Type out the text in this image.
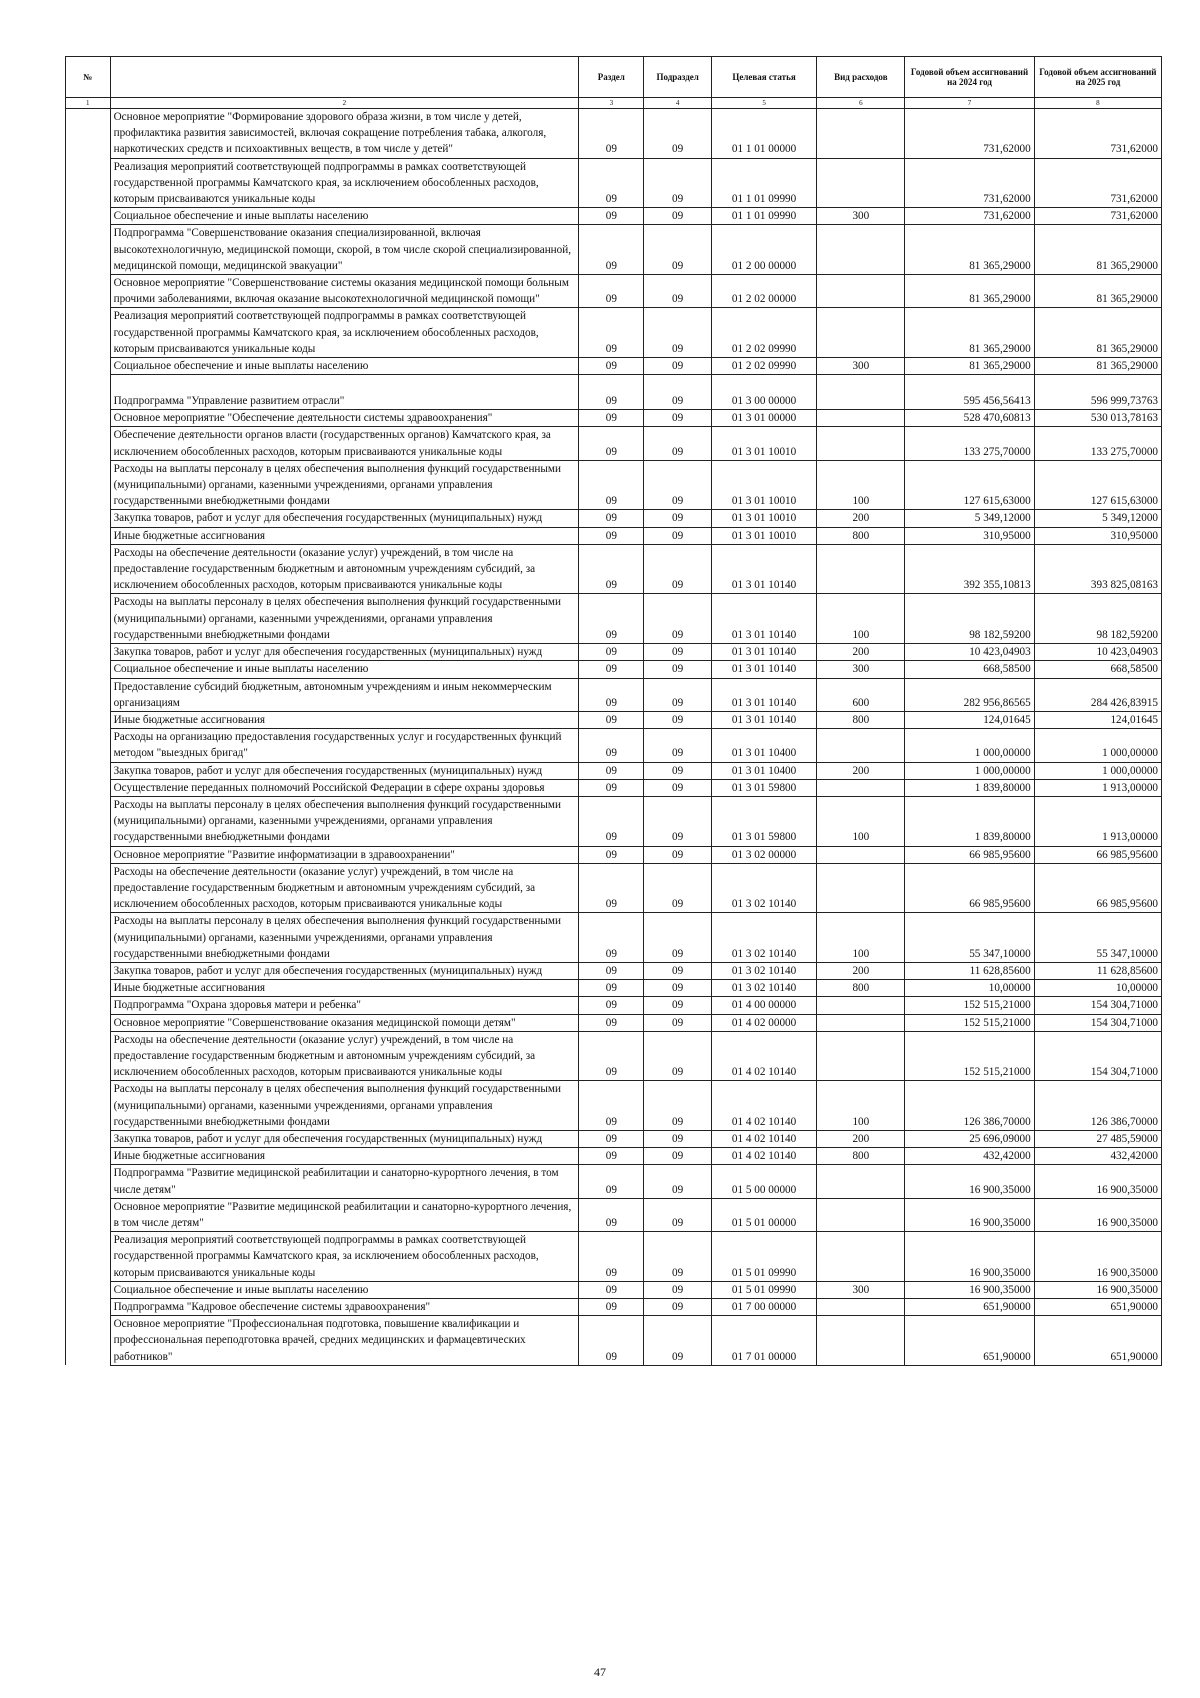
№		Раздел	Подраздел	Целевая статья	Вид расходов	Годовой объем ассигнований на 2024 год	Годовой объем ассигнований на 2025 год
1	2	3	4	5	6	7	8
	Основное мероприятие "Формирование здорового образа жизни, в том числе у детей, профилактика развития зависимостей, включая сокращение потребления табака, алкоголя, наркотических средств и психоактивных веществ, в том числе у детей"	09	09	01 1 01 00000		731,62000	731,62000
	Реализация мероприятий соответствующей подпрограммы в рамках соответствующей государственной программы Камчатского края, за исключением обособленных расходов, которым присваиваются уникальные коды	09	09	01 1 01 09990		731,62000	731,62000
	Социальное обеспечение и иные выплаты населению	09	09	01 1 01 09990	300	731,62000	731,62000
	Подпрограмма "Совершенствование оказания специализированной, включая высокотехнологичную, медицинской помощи, скорой, в том числе скорой специализированной, медицинской помощи, медицинской эвакуации"	09	09	01 2 00 00000		81 365,29000	81 365,29000
	Основное мероприятие "Совершенствование системы оказания медицинской помощи больным прочими заболеваниями, включая оказание высокотехнологичной медицинской помощи"	09	09	01 2 02 00000		81 365,29000	81 365,29000
	Реализация мероприятий соответствующей подпрограммы в рамках соответствующей государственной программы Камчатского края, за исключением обособленных расходов, которым присваиваются уникальные коды	09	09	01 2 02 09990		81 365,29000	81 365,29000
	Социальное обеспечение и иные выплаты населению	09	09	01 2 02 09990	300	81 365,29000	81 365,29000
	Подпрограмма "Управление развитием отрасли"	09	09	01 3 00 00000		595 456,56413	596 999,73763
	Основное мероприятие "Обеспечение деятельности системы здравоохранения"	09	09	01 3 01 00000		528 470,60813	530 013,78163
	Обеспечение деятельности органов власти (государственных органов) Камчатского края, за исключением обособленных расходов, которым присваиваются уникальные коды	09	09	01 3 01 10010		133 275,70000	133 275,70000
	Расходы на выплаты персоналу в целях обеспечения выполнения функций государственными (муниципальными) органами, казенными учреждениями, органами управления государственными внебюджетными фондами	09	09	01 3 01 10010	100	127 615,63000	127 615,63000
	Закупка товаров, работ и услуг для обеспечения государственных (муниципальных) нужд	09	09	01 3 01 10010	200	5 349,12000	5 349,12000
	Иные бюджетные ассигнования	09	09	01 3 01 10010	800	310,95000	310,95000
	Расходы на обеспечение деятельности (оказание услуг) учреждений, в том числе на предоставление государственным бюджетным и автономным учреждениям субсидий, за исключением обособленных расходов, которым присваиваются уникальные коды	09	09	01 3 01 10140		392 355,10813	393 825,08163
	Расходы на выплаты персоналу в целях обеспечения выполнения функций государственными (муниципальными) органами, казенными учреждениями, органами управления государственными внебюджетными фондами	09	09	01 3 01 10140	100	98 182,59200	98 182,59200
	Закупка товаров, работ и услуг для обеспечения государственных (муниципальных) нужд	09	09	01 3 01 10140	200	10 423,04903	10 423,04903
	Социальное обеспечение и иные выплаты населению	09	09	01 3 01 10140	300	668,58500	668,58500
	Предоставление субсидий бюджетным, автономным учреждениям и иным некоммерческим организациям	09	09	01 3 01 10140	600	282 956,86565	284 426,83915
	Иные бюджетные ассигнования	09	09	01 3 01 10140	800	124,01645	124,01645
	Расходы на организацию предоставления государственных услуг и государственных функций методом "выездных бригад"	09	09	01 3 01 10400		1 000,00000	1 000,00000
	Закупка товаров, работ и услуг для обеспечения государственных (муниципальных) нужд	09	09	01 3 01 10400	200	1 000,00000	1 000,00000
	Осуществление переданных полномочий Российской Федерации в сфере охраны здоровья	09	09	01 3 01 59800		1 839,80000	1 913,00000
	Расходы на выплаты персоналу в целях обеспечения выполнения функций государственными (муниципальными) органами, казенными учреждениями, органами управления государственными внебюджетными фондами	09	09	01 3 01 59800	100	1 839,80000	1 913,00000
	Основное мероприятие "Развитие информатизации в здравоохранении"	09	09	01 3 02 00000		66 985,95600	66 985,95600
	Расходы на обеспечение деятельности (оказание услуг) учреждений, в том числе на предоставление государственным бюджетным и автономным учреждениям субсидий, за исключением обособленных расходов, которым присваиваются уникальные коды	09	09	01 3 02 10140		66 985,95600	66 985,95600
	Расходы на выплаты персоналу в целях обеспечения выполнения функций государственными (муниципальными) органами, казенными учреждениями, органами управления государственными внебюджетными фондами	09	09	01 3 02 10140	100	55 347,10000	55 347,10000
	Закупка товаров, работ и услуг для обеспечения государственных (муниципальных) нужд	09	09	01 3 02 10140	200	11 628,85600	11 628,85600
	Иные бюджетные ассигнования	09	09	01 3 02 10140	800	10,00000	10,00000
	Подпрограмма "Охрана здоровья матери и ребенка"	09	09	01 4 00 00000		152 515,21000	154 304,71000
	Основное мероприятие "Совершенствование оказания медицинской помощи детям"	09	09	01 4 02 00000		152 515,21000	154 304,71000
	Расходы на обеспечение деятельности (оказание услуг) учреждений, в том числе на предоставление государственным бюджетным и автономным учреждениям субсидий, за исключением обособленных расходов, которым присваиваются уникальные коды	09	09	01 4 02 10140		152 515,21000	154 304,71000
	Расходы на выплаты персоналу в целях обеспечения выполнения функций государственными (муниципальными) органами, казенными учреждениями, органами управления государственными внебюджетными фондами	09	09	01 4 02 10140	100	126 386,70000	126 386,70000
	Закупка товаров, работ и услуг для обеспечения государственных (муниципальных) нужд	09	09	01 4 02 10140	200	25 696,09000	27 485,59000
	Иные бюджетные ассигнования	09	09	01 4 02 10140	800	432,42000	432,42000
	Подпрограмма "Развитие медицинской реабилитации и санаторно-курортного лечения, в том числе детям"	09	09	01 5 00 00000		16 900,35000	16 900,35000
	Основное мероприятие "Развитие медицинской реабилитации и санаторно-курортного лечения, в том числе детям"	09	09	01 5 01 00000		16 900,35000	16 900,35000
	Реализация мероприятий соответствующей подпрограммы в рамках соответствующей государственной программы Камчатского края, за исключением обособленных расходов, которым присваиваются уникальные коды	09	09	01 5 01 09990		16 900,35000	16 900,35000
	Социальное обеспечение и иные выплаты населению	09	09	01 5 01 09990	300	16 900,35000	16 900,35000
	Подпрограмма "Кадровое обеспечение системы здравоохранения"	09	09	01 7 00 00000		651,90000	651,90000
	Основное мероприятие "Профессиональная подготовка, повышение квалификации и профессиональная переподготовка врачей, средних медицинских и фармацевтических работников"	09	09	01 7 01 00000		651,90000	651,90000
47
